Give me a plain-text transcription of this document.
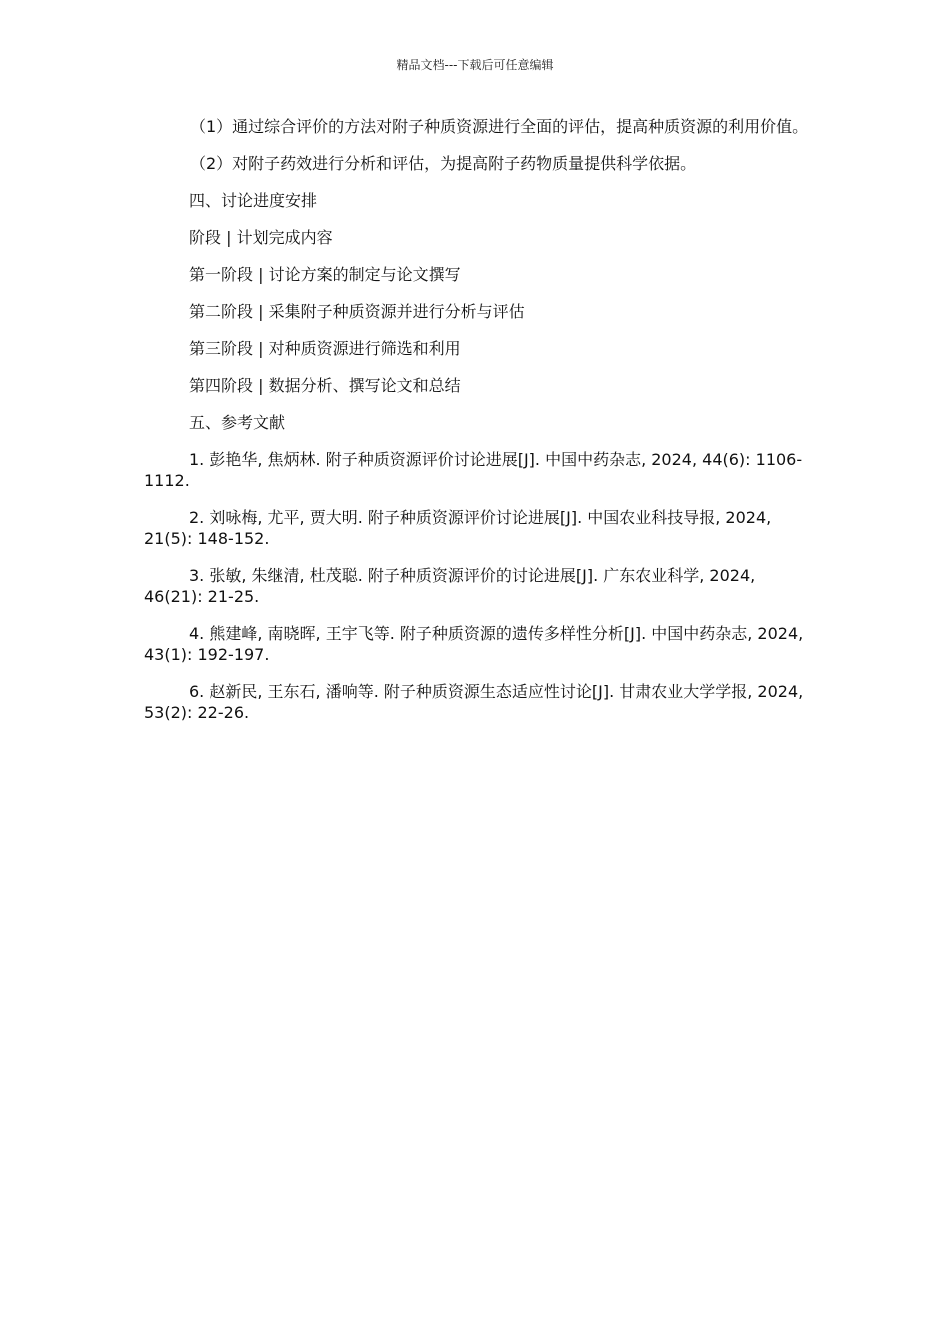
精品文档---下载后可任意编辑

（1）通过综合评价的方法对附子种质资源进行全面的评估，提高种质资源的利用价值。

（2）对附子药效进行分析和评估，为提高附子药物质量提供科学依据。

四、讨论进度安排

阶段 | 计划完成内容

第一阶段 | 讨论方案的制定与论文撰写

第二阶段 | 采集附子种质资源并进行分析与评估

第三阶段 | 对种质资源进行筛选和利用

第四阶段 | 数据分析、撰写论文和总结

五、参考文献

1. 彭艳华, 焦炳林. 附子种质资源评价讨论进展[J]. 中国中药杂志, 2024, 44(6): 1106-1112.

2. 刘咏梅, 尤平, 贾大明. 附子种质资源评价讨论进展[J]. 中国农业科技导报, 2024, 21(5): 148-152.

3. 张敏, 朱继清, 杜茂聪. 附子种质资源评价的讨论进展[J]. 广东农业科学, 2024, 46(21): 21-25.

4. 熊建峰, 南晓晖, 王宇飞等. 附子种质资源的遗传多样性分析[J]. 中国中药杂志, 2024, 43(1): 192-197.

6. 赵新民, 王东石, 潘响等. 附子种质资源生态适应性讨论[J]. 甘肃农业大学学报, 2024, 53(2): 22-26.
